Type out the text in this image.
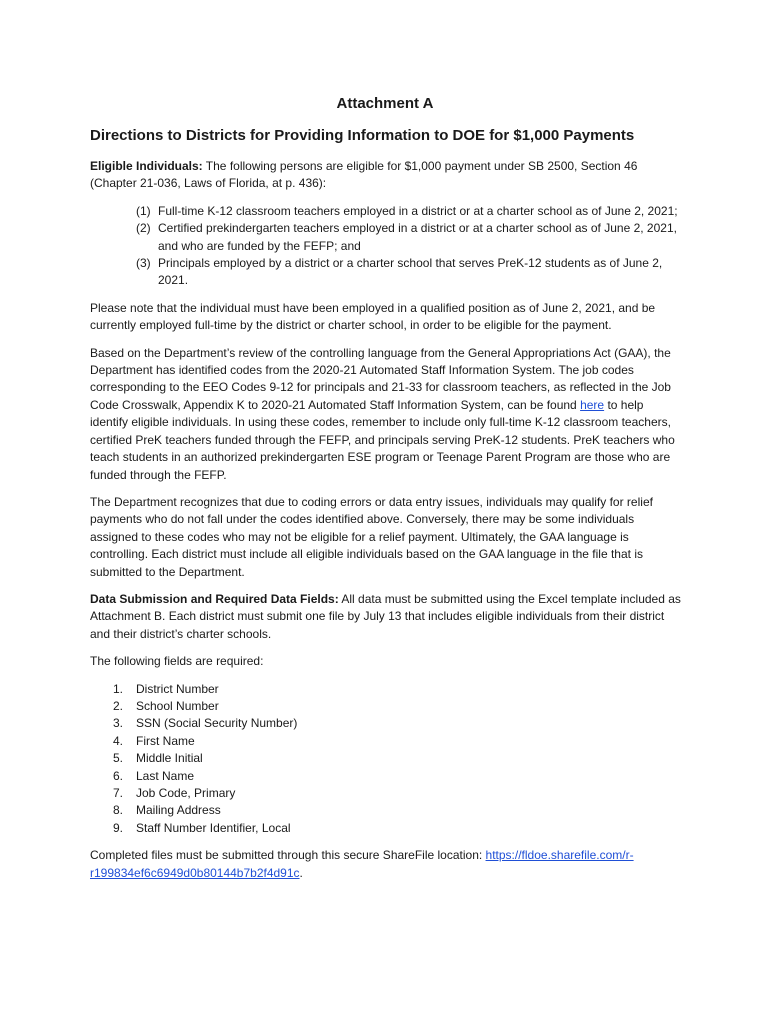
Attachment A
Directions to Districts for Providing Information to DOE for $1,000 Payments

Eligible Individuals: The following persons are eligible for $1,000 payment under SB 2500, Section 46 (Chapter 21-036, Laws of Florida, at p. 436):

(1) Full-time K-12 classroom teachers employed in a district or at a charter school as of June 2, 2021;
(2) Certified prekindergarten teachers employed in a district or at a charter school as of June 2, 2021, and who are funded by the FEFP; and
(3) Principals employed by a district or a charter school that serves PreK-12 students as of June 2, 2021.

Please note that the individual must have been employed in a qualified position as of June 2, 2021, and be currently employed full-time by the district or charter school, in order to be eligible for the payment.

Based on the Department’s review of the controlling language from the General Appropriations Act (GAA), the Department has identified codes from the 2020-21 Automated Staff Information System. The job codes corresponding to the EEO Codes 9-12 for principals and 21-33 for classroom teachers, as reflected in the Job Code Crosswalk, Appendix K to 2020-21 Automated Staff Information System, can be found here to help identify eligible individuals. In using these codes, remember to include only full-time K-12 classroom teachers, certified PreK teachers funded through the FEFP, and principals serving PreK-12 students. PreK teachers who teach students in an authorized prekindergarten ESE program or Teenage Parent Program are those who are funded through the FEFP.

The Department recognizes that due to coding errors or data entry issues, individuals may qualify for relief payments who do not fall under the codes identified above. Conversely, there may be some individuals assigned to these codes who may not be eligible for a relief payment. Ultimately, the GAA language is controlling. Each district must include all eligible individuals based on the GAA language in the file that is submitted to the Department.

Data Submission and Required Data Fields: All data must be submitted using the Excel template included as Attachment B. Each district must submit one file by July 13 that includes eligible individuals from their district and their district’s charter schools.

The following fields are required:

1. District Number
2. School Number
3. SSN (Social Security Number)
4. First Name
5. Middle Initial
6. Last Name
7. Job Code, Primary
8. Mailing Address
9. Staff Number Identifier, Local

Completed files must be submitted through this secure ShareFile location: https://fldoe.sharefile.com/r-r199834ef6c6949d0b80144b7b2f4d91c.
